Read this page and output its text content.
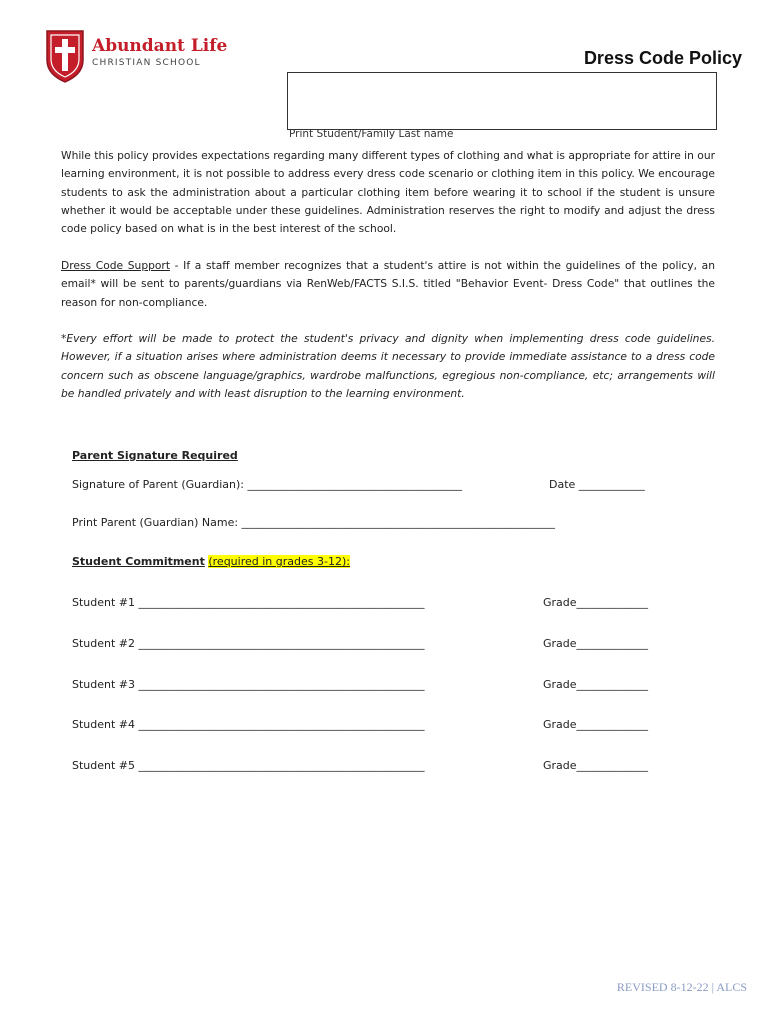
Abundant Life
CHRISTIAN SCHOOL	Dress Code Policy
Print Student/Family Last name

While this policy provides expectations regarding many different types of clothing and what is appropriate for attire in our learning environment, it is not possible to address every dress code scenario or clothing item in this policy. We encourage students to ask the administration about a particular clothing item before wearing it to school if the student is unsure whether it would be acceptable under these guidelines. Administration reserves the right to modify and adjust the dress code policy based on what is in the best interest of the school.

Dress Code Support - If a staff member recognizes that a student's attire is not within the guidelines of the policy, an email* will be sent to parents/guardians via RenWeb/FACTS S.I.S. titled "Behavior Event- Dress Code" that outlines the reason for non-compliance.

*Every effort will be made to protect the student's privacy and dignity when implementing dress code guidelines. However, if a situation arises where administration deems it necessary to provide immediate assistance to a dress code concern such as obscene language/graphics, wardrobe malfunctions, egregious non-compliance, etc; arrangements will be handled privately and with least disruption to the learning environment.

Parent Signature Required
Signature of Parent (Guardian): _______________________________________	Date ____________
Print Parent (Guardian) Name: _________________________________________________________
Student Commitment (required in grades 3-12):
Student #1 ____________________________________________________	Grade_____________
Student #2 ____________________________________________________	Grade_____________
Student #3 ____________________________________________________	Grade_____________
Student #4 ____________________________________________________	Grade_____________
Student #5 ____________________________________________________	Grade_____________
REVISED 8-12-22 | ALCS
